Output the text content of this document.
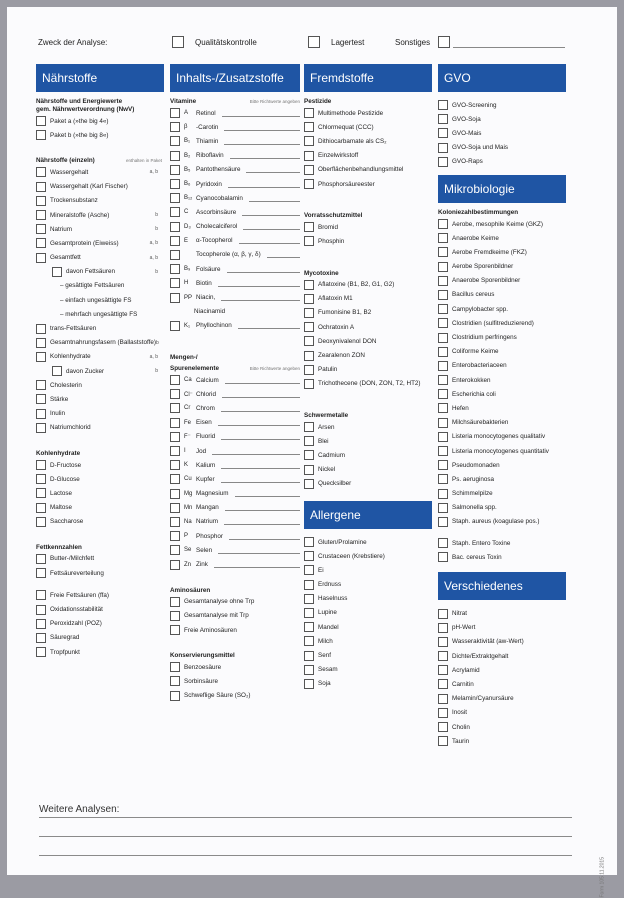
Zweck der Analyse:	Qualitätskontrolle	Lagertest	Sonstiges
Nährstoffe
Nährstoffe und Energiewerte
gem. Nährwertverordnung (NwV)
Paket a (»the big 4«)
Paket b (»the big 8«)
Nährstoffe (einzeln)	enthalten in Paket
Wassergehalt	a, b
Wassergehalt (Karl Fischer)
Trockensubstanz
Mineralstoffe (Asche)	b
Natrium	b
Gesamtprotein (Eiweiss)	a, b
Gesamtfett	a, b
davon Fettsäuren	b
– gesättigte Fettsäuren
– einfach ungesättigte FS
– mehrfach ungesättigte FS
trans-Fettsäuren
Gesamtnahrungsfasern (Ballaststoffe) b
Kohlenhydrate	a, b
davon Zucker	b
Cholesterin
Stärke
Inulin
Natriumchlorid
Kohlenhydrate
D-Fructose
D-Glucose
Lactose
Maltose
Saccharose
Fettkennzahlen
Butter-/Milchfett
Fettsäureverteilung
Freie Fettsäuren (ffa)
Oxidationsstabilität
Peroxidzahl (POZ)
Säuregrad
Tropfpunkt
Inhalts-/Zusatzstoffe
Vitamine	Bitte Richtwerte angeben
A	Retinol
β	-Carotin
B₁ Thiamin
B₂ Riboflavin
B₅ Pantothensäure
B₆ Pyridoxin
B₁₂ Cyanocobalamin
C	Ascorbinsäure
D₃ Cholecalciferol
E	α-Tocopherol
Tocopherole (α, β, γ, δ)
B₉ Folsäure
H	Biotin
PP Niacin,
Niacinamid
K₁ Phyllochinon
Mengen-/
Spurenelemente	Bitte Richtwerte angeben
Ca Calcium
Cl⁻ Chlorid
Cr Chrom
Fe Eisen
F⁻ Fluorid
I	Jod
K	Kalium
Cu Kupfer
Mg Magnesium
Mn Mangan
Na Natrium
P	Phosphor
Se Selen
Zn Zink
Aminosäuren
Gesamtanalyse ohne Trp
Gesamtanalyse mit Trp
Freie Aminosäuren
Konservierungsmittel
Benzoesäure
Sorbinsäure
Schweflige Säure (SO₂)
Fremdstoffe
Pestizide
Multimethode Pestizide
Chlormequat (CCC)
Dithiocarbamate als CS₂
Einzelwirkstoff
Oberflächenbehandlungsmittel
Phosphorsäureester
Vorratsschutzmittel
Bromid
Phosphin
Mycotoxine
Aflatoxine (B1, B2, G1, G2)
Aflatoxin M1
Fumonisine B1, B2
Ochratoxin A
Deoxynivalenol DON
Zearalenon ZON
Patulin
Trichothecene (DON, ZON, T2, HT2)
Schwermetalle
Arsen
Blei
Cadmium
Nickel
Quecksilber
Allergene
Gluten/Prolamine
Crustaceen (Krebstiere)
Ei
Erdnuss
Haselnuss
Lupine
Mandel
Milch
Senf
Sesam
Soja
GVO
GVO-Screening
GVO-Soja
GVO-Mais
GVO-Soja und Mais
GVO-Raps
Mikrobiologie
Koloniezahlbestimmungen
Aerobe, mesophile Keime (GKZ)
Anaerobe Keime
Aerobe Fremdkeime (FKZ)
Aerobe Sporenbildner
Anaerobe Sporenbildner
Bacillus cereus
Campylobacter spp.
Clostridien (sulfitreduzierend)
Clostridium perfringens
Coliforme Keime
Enterobacteriaceen
Enterokokken
Escherichia coli
Hefen
Milchsäurebakterien
Listeria monocytogenes qualitativ
Listeria monocytogenes quantitativ
Pseudomonaden
Ps. aeruginosa
Schimmelpilze
Salmonella spp.
Staph. aureus (koagulase pos.)
Staph. Entero Toxine
Bac. cereus Toxin
Verschiedenes
Nitrat
pH-Wert
Wasseraktivität (aw-Wert)
Dichte/Extraktgehalt
Acrylamid
Carnitin
Melamin/Cyanursäure
Inosit
Cholin
Taurin
Weitere Analysen:
Form 105 11.2015
